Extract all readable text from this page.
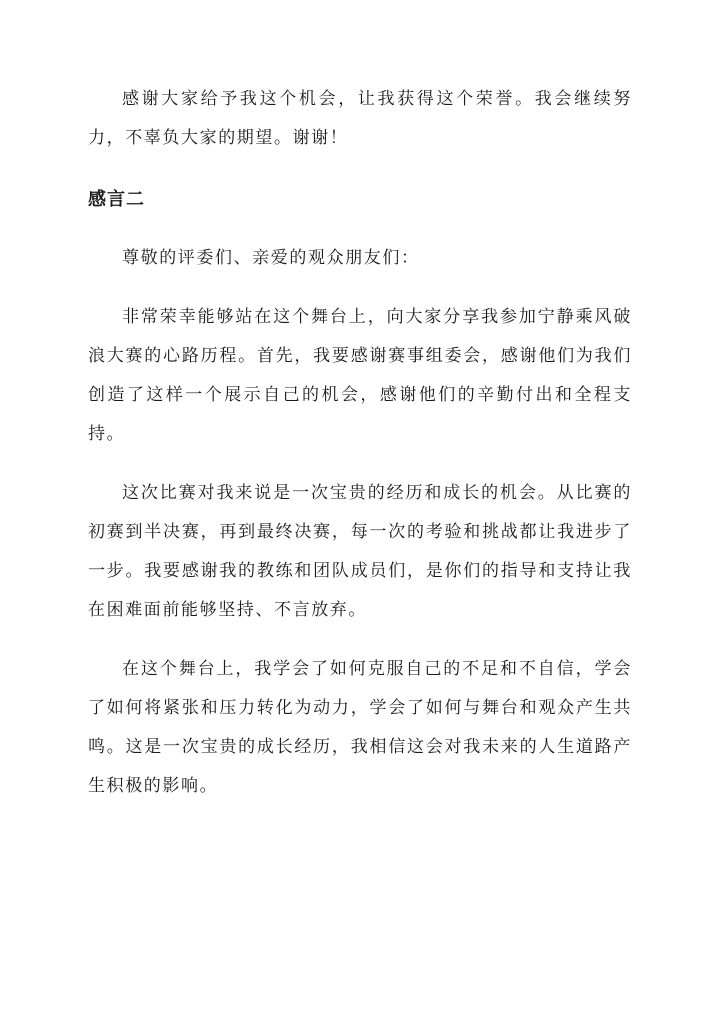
感谢大家给予我这个机会，让我获得这个荣誉。我会继续努力，不辜负大家的期望。谢谢！

感言二

尊敬的评委们、亲爱的观众朋友们：

非常荣幸能够站在这个舞台上，向大家分享我参加宁静乘风破浪大赛的心路历程。首先，我要感谢赛事组委会，感谢他们为我们创造了这样一个展示自己的机会，感谢他们的辛勤付出和全程支持。

这次比赛对我来说是一次宝贵的经历和成长的机会。从比赛的初赛到半决赛，再到最终决赛，每一次的考验和挑战都让我进步了一步。我要感谢我的教练和团队成员们，是你们的指导和支持让我在困难面前能够坚持、不言放弃。

在这个舞台上，我学会了如何克服自己的不足和不自信，学会了如何将紧张和压力转化为动力，学会了如何与舞台和观众产生共鸣。这是一次宝贵的成长经历，我相信这会对我未来的人生道路产生积极的影响。
